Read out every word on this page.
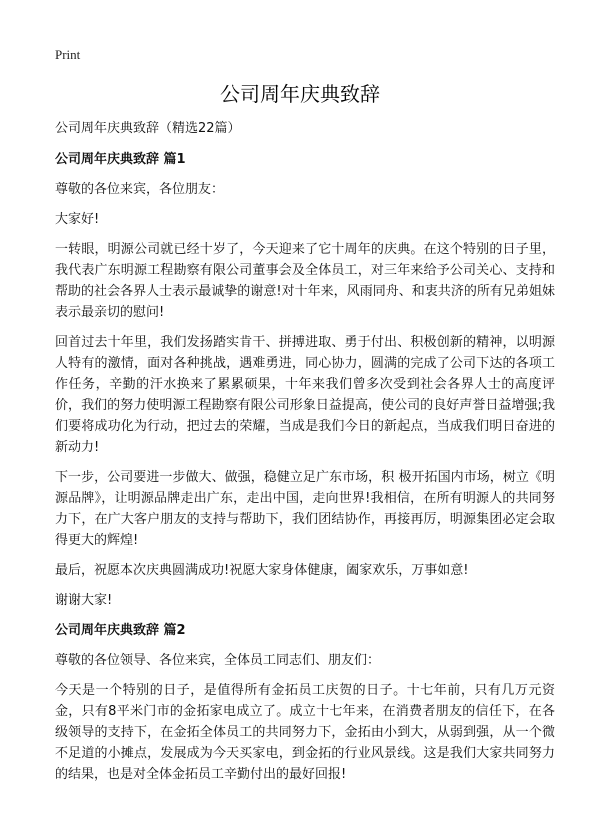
Print
公司周年庆典致辞
公司周年庆典致辞（精选22篇）
公司周年庆典致辞 篇1

尊敬的各位来宾，各位朋友：

大家好!

一转眼，明源公司就已经十岁了，今天迎来了它十周年的庆典。在这个特别的日子里，我代表广东明源工程勘察有限公司董事会及全体员工，对三年来给予公司关心、支持和帮助的社会各界人士表示最诚挚的谢意!对十年来，风雨同舟、和衷共济的所有兄弟姐妹表示最亲切的慰问!

回首过去十年里，我们发扬踏实肯干、拼搏进取、勇于付出、积极创新的精神，以明源人特有的激情，面对各种挑战，遇难勇进，同心协力，圆满的完成了公司下达的各项工作任务，辛勤的汗水换来了累累硕果，十年来我们曾多次受到社会各界人士的高度评价，我们的努力使明源工程勘察有限公司形象日益提高，使公司的良好声誉日益增强;我们要将成功化为行动，把过去的荣耀，当成是我们今日的新起点，当成我们明日奋进的新动力!

下一步，公司要进一步做大、做强，稳健立足广东市场，积 极开拓国内市场，树立《明源品牌》，让明源品牌走出广东，走出中国，走向世界!我相信，在所有明源人的共同努力下，在广大客户朋友的支持与帮助下，我们团结协作，再接再厉，明源集团必定会取得更大的辉煌!

最后，祝愿本次庆典圆满成功!祝愿大家身体健康，阖家欢乐，万事如意!

谢谢大家!

公司周年庆典致辞 篇2

尊敬的各位领导、各位来宾，全体员工同志们、朋友们：

今天是一个特别的日子，是值得所有金拓员工庆贺的日子。十七年前，只有几万元资金，只有8平米门市的金拓家电成立了。成立十七年来，在消费者朋友的信任下，在各级领导的支持下，在金拓全体员工的共同努力下，金拓由小到大，从弱到强，从一个微不足道的小摊点，发展成为今天买家电，到金拓的行业风景线。这是我们大家共同努力的结果，也是对全体金拓员工辛勤付出的最好回报!
